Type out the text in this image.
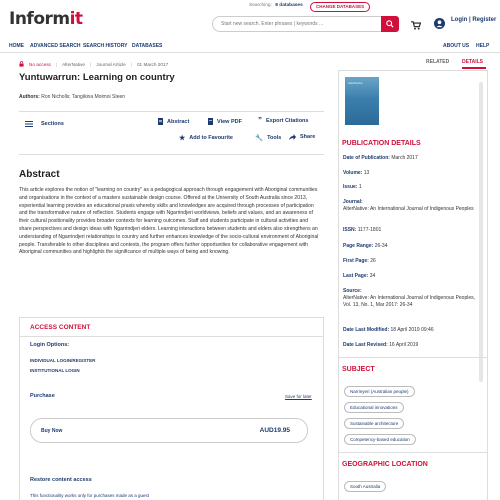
Informit
Searching: 8 databases	CHANGE DATABASES
Start new search. Enter phrases | keywords ...
Login | Register
HOME ADVANCED SEARCH SEARCH HISTORY DATABASES	ABOUT US HELP
No access | AlterNative | Journal Article | 01 March 2017
Yuntuwarrun: Learning on country
Authors: Ron Nicholls; Tangikina Moimoi Steen
Sections	Abstract	View PDF ” Export Citations
★ Add to Favourite	🔧 Tools	Share
Abstract
This article explores the notion of "learning on country" as a pedagogical approach through engagement with Aboriginal communities and organisations in the context of a masters sustainable design course. Offered at the University of South Australia since 2013, experiential learning provides an educational praxis whereby skills and knowledges are acquired through processes of participation and the transformative nature of reflection. Students engage with Ngarrindjeri worldviews, beliefs and values, and an awareness of their cultural positionality provides broader contexts for learning outcomes. Staff and students participate in cultural activities and share perspectives and design ideas with Ngarrindjeri elders. Learning interactions between students and elders also strengthens an understanding of Ngarrindjeri relationships to country and further enhances knowledge of the socio-cultural environment of Aboriginal people. Transferable to other disciplines and contexts, the program offers further opportunities for collaborative engagement with Aboriginal communities and highlights the significance of multiple ways of being and knowing.
ACCESS CONTENT
Login Options:
INDIVIDUAL LOGIN/REGISTER
INSTITUTIONAL LOGIN
Purchase	Save for later
Buy Now	AUD19.95
Restore content access
This functionality works only for purchases made as a guest
RELATED	DETAILS
AlterNative
PUBLICATION DETAILS
Date of Publication: March 2017
Volume: 13
Issue: 1
Journal:
AlterNative: An International Journal of Indigenous Peoples
ISSN: 1177-1801
Page Range: 26-34
First Page: 26
Last Page: 34
Source:
AlterNative: An International Journal of Indigenous Peoples, Vol. 13, No. 1, Mar 2017: 26-34
Date Last Modified: 18 April 2019 09:46
Date Last Revised: 16 April 2019
SUBJECT
Narrinyeri (Australian people)
Educational innovations
Sustainable architecture
Competency-based education
GEOGRAPHIC LOCATION
South Australia
